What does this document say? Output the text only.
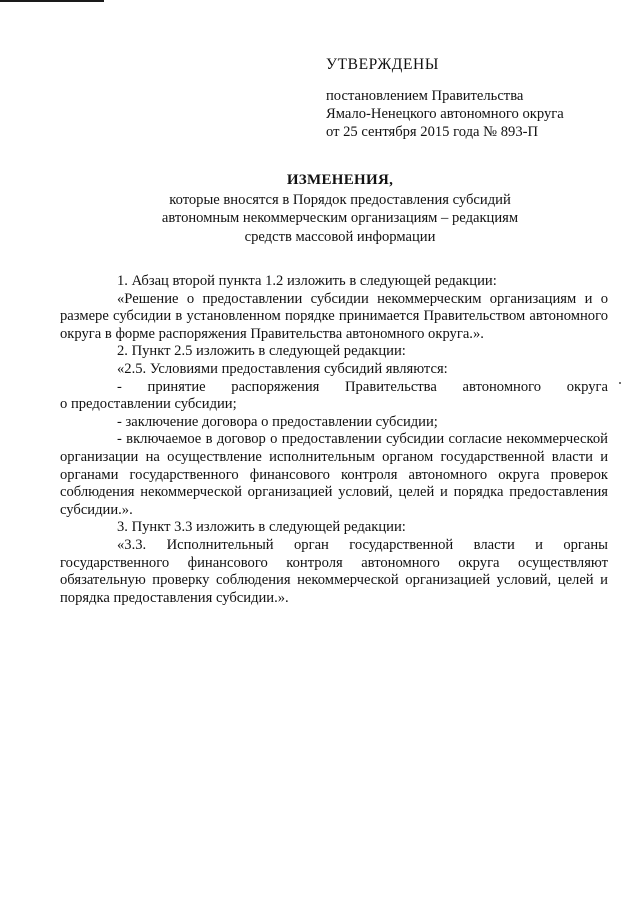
УТВЕРЖДЕНЫ
постановлением Правительства
Ямало-Ненецкого автономного округа
от 25 сентября 2015 года № 893-П
ИЗМЕНЕНИЯ,
которые вносятся в Порядок предоставления субсидий
автономным некоммерческим организациям – редакциям
средств массовой информации

1. Абзац второй пункта 1.2 изложить в следующей редакции:

«Решение о предоставлении субсидии некоммерческим организациям и о размере субсидии в установленном порядке принимается Правительством автономного округа в форме распоряжения Правительства автономного округа.».

2. Пункт 2.5 изложить в следующей редакции:

«2.5. Условиями предоставления субсидий являются:

- принятие распоряжения Правительства автономного округа

о предоставлении субсидии;

- заключение договора о предоставлении субсидии;

- включаемое в договор о предоставлении субсидии согласие некоммерческой организации на осуществление исполнительным органом государственной власти и органами государственного финансового контроля автономного округа проверок соблюдения некоммерческой организацией условий, целей и порядка предоставления субсидии.».

3. Пункт 3.3 изложить в следующей редакции:

«3.3. Исполнительный орган государственной власти и органы государственного финансового контроля автономного округа осуществляют обязательную проверку соблюдения некоммерческой организацией условий, целей и порядка предоставления субсидии.».
